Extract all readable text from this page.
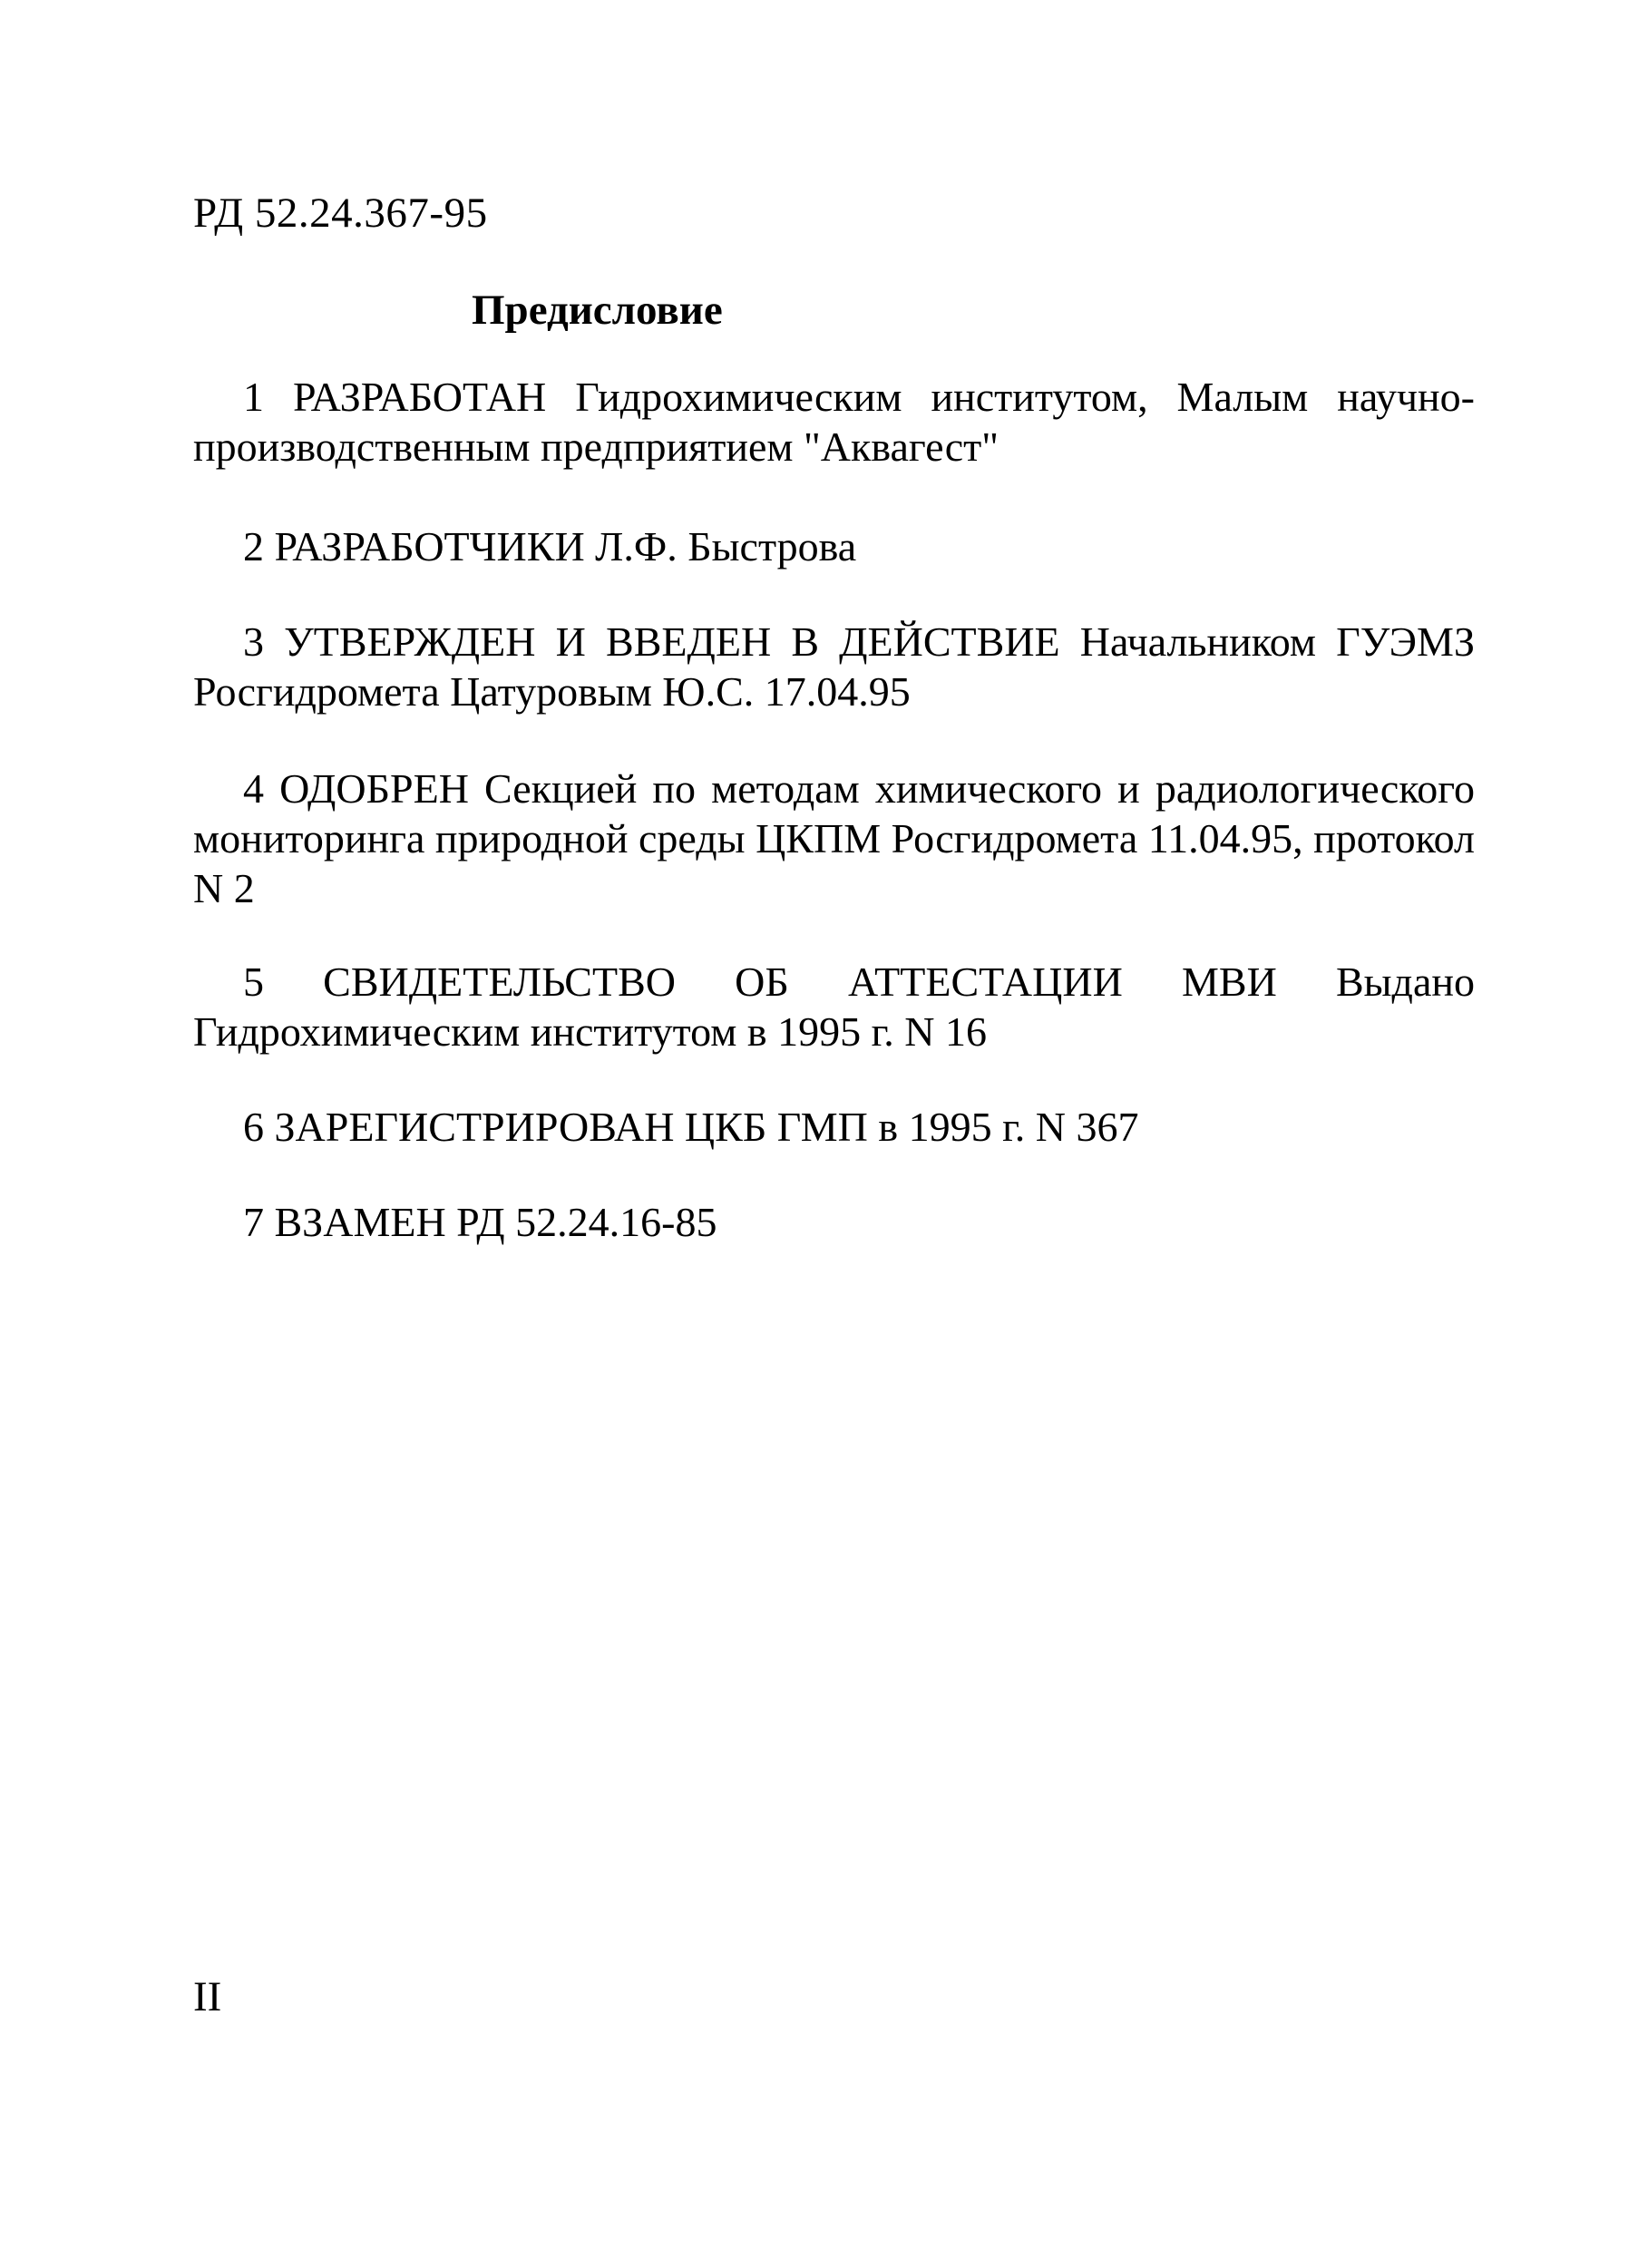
РД 52.24.367-95
Предисловие

1 РАЗРАБОТАН Гидрохимическим институтом, Малым научно-производственным предприятием "Аквагест"

2 РАЗРАБОТЧИКИ Л.Ф. Быстрова

3 УТВЕРЖДЕН И ВВЕДЕН В ДЕЙСТВИЕ Начальником ГУЭМЗ Росгидромета Цатуровым Ю.С. 17.04.95

4 ОДОБРЕН Секцией по методам химического и радиологического мониторинга природной среды ЦКПМ Росгидромета 11.04.95, протокол N 2

5 СВИДЕТЕЛЬСТВО ОБ АТТЕСТАЦИИ МВИ Выдано Гидрохимическим институтом в 1995 г. N 16

6 ЗАРЕГИСТРИРОВАН ЦКБ ГМП в 1995 г. N 367

7 ВЗАМЕН РД 52.24.16-85

II
